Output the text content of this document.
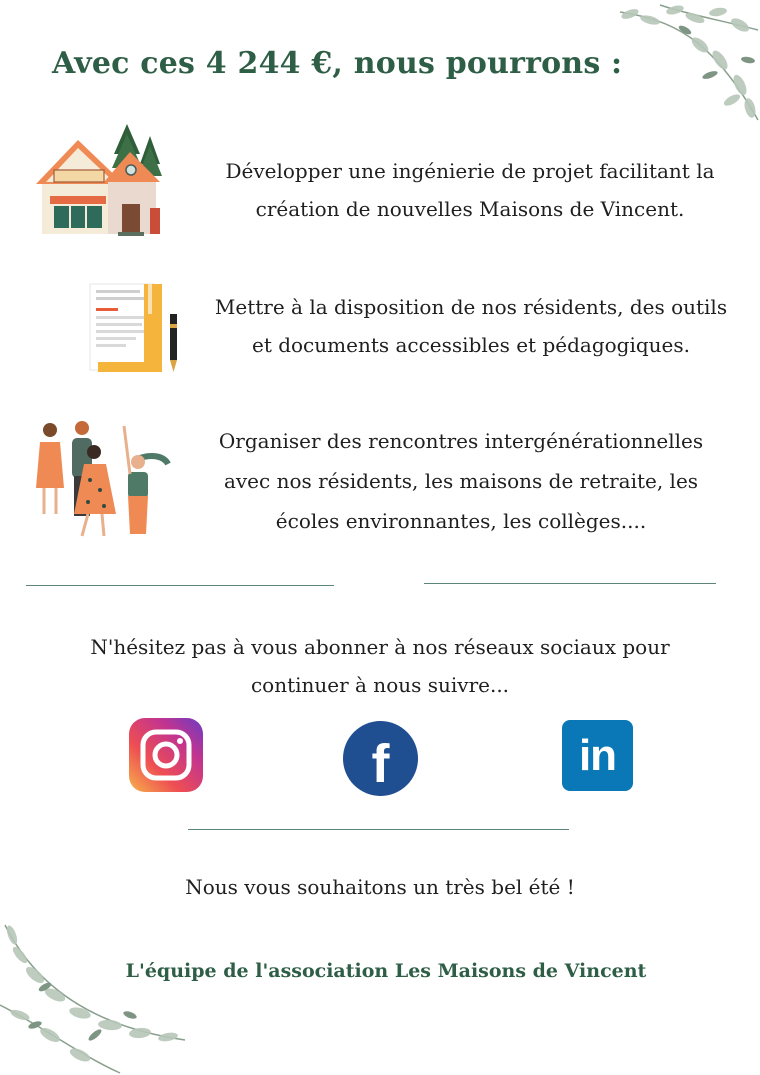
Avec ces 4 244 €, nous pourrons :
Développer une ingénierie de projet facilitant la
création de nouvelles Maisons de Vincent.
Mettre à la disposition de nos résidents, des outils
et documents accessibles et pédagogiques.
Organiser des rencontres intergénérationnelles
avec nos résidents, les maisons de retraite, les
écoles environnantes, les collèges....
N'hésitez pas à vous abonner à nos réseaux sociaux pour
continuer à nous suivre...
f	in
Nous vous souhaitons un très bel été !
L'équipe de l'association Les Maisons de Vincent
